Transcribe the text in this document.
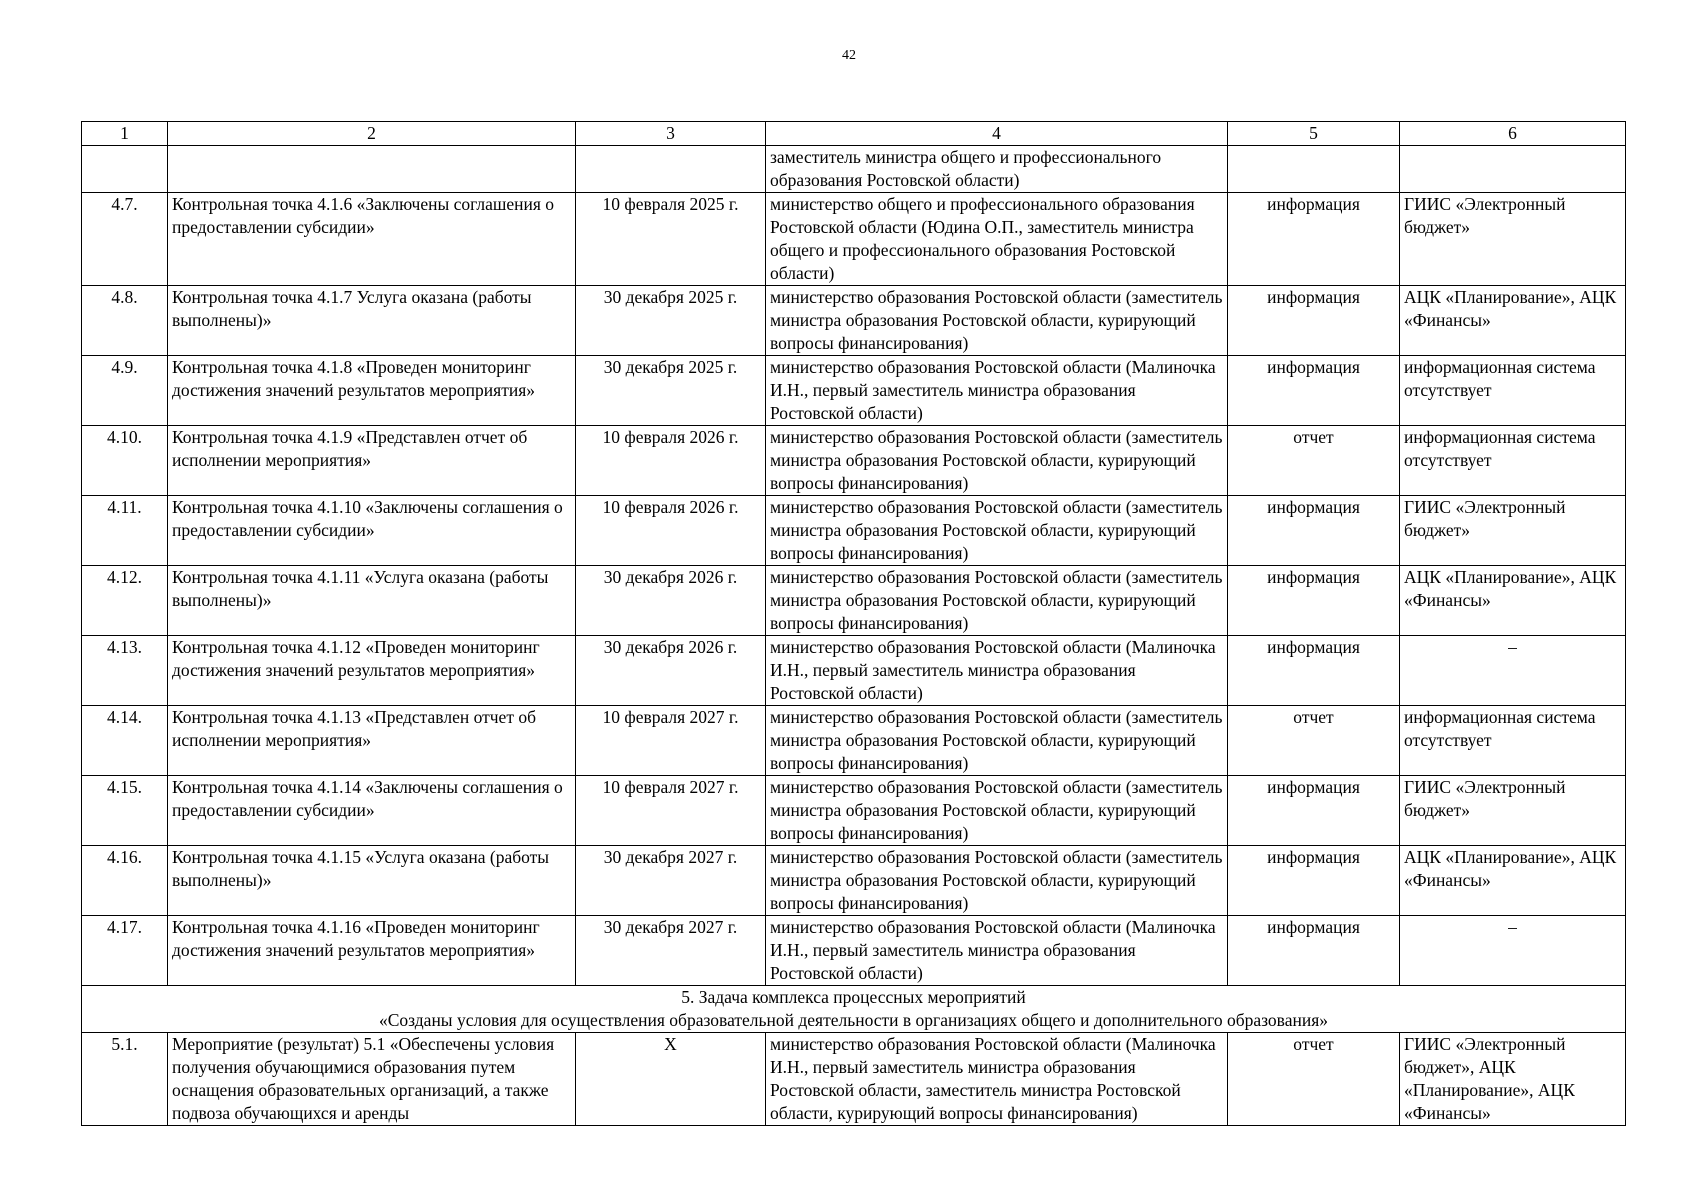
42
1	2	3	4	5	6
			заместитель министра общего и профессионального образования Ростовской области)		
4.7.	Контрольная точка 4.1.6 «Заключены соглашения о предоставлении субсидии»	10 февраля 2025 г.	министерство общего и профессионального образования Ростовской области (Юдина О.П., заместитель министра общего и профессионального образования Ростовской области)	информация	ГИИС «Электронный бюджет»
4.8.	Контрольная точка 4.1.7 Услуга оказана (работы выполнены)»	30 декабря 2025 г.	министерство образования Ростовской области (заместитель министра образования Ростовской области, курирующий вопросы финансирования)	информация	АЦК «Планирование», АЦК «Финансы»
4.9.	Контрольная точка 4.1.8 «Проведен мониторинг достижения значений результатов мероприятия»	30 декабря 2025 г.	министерство образования Ростовской области (Малиночка И.Н., первый заместитель министра образования Ростовской области)	информация	информационная система отсутствует
4.10.	Контрольная точка 4.1.9 «Представлен отчет об исполнении мероприятия»	10 февраля 2026 г.	министерство образования Ростовской области (заместитель министра образования Ростовской области, курирующий вопросы финансирования)	отчет	информационная система отсутствует
4.11.	Контрольная точка 4.1.10 «Заключены соглашения о предоставлении субсидии»	10 февраля 2026 г.	министерство образования Ростовской области (заместитель министра образования Ростовской области, курирующий вопросы финансирования)	информация	ГИИС «Электронный бюджет»
4.12.	Контрольная точка 4.1.11 «Услуга оказана (работы выполнены)»	30 декабря 2026 г.	министерство образования Ростовской области (заместитель министра образования Ростовской области, курирующий вопросы финансирования)	информация	АЦК «Планирование», АЦК «Финансы»
4.13.	Контрольная точка 4.1.12 «Проведен мониторинг достижения значений результатов мероприятия»	30 декабря 2026 г.	министерство образования Ростовской области (Малиночка И.Н., первый заместитель министра образования Ростовской области)	информация	–
4.14.	Контрольная точка 4.1.13 «Представлен отчет об исполнении мероприятия»	10 февраля 2027 г.	министерство образования Ростовской области (заместитель министра образования Ростовской области, курирующий вопросы финансирования)	отчет	информационная система отсутствует
4.15.	Контрольная точка 4.1.14 «Заключены соглашения о предоставлении субсидии»	10 февраля 2027 г.	министерство образования Ростовской области (заместитель министра образования Ростовской области, курирующий вопросы финансирования)	информация	ГИИС «Электронный бюджет»
4.16.	Контрольная точка 4.1.15 «Услуга оказана (работы выполнены)»	30 декабря 2027 г.	министерство образования Ростовской области (заместитель министра образования Ростовской области, курирующий вопросы финансирования)	информация	АЦК «Планирование», АЦК «Финансы»
4.17.	Контрольная точка 4.1.16 «Проведен мониторинг достижения значений результатов мероприятия»	30 декабря 2027 г.	министерство образования Ростовской области (Малиночка И.Н., первый заместитель министра образования Ростовской области)	информация	–

5. Задача комплекса процессных мероприятий
«Созданы условия для осуществления образовательной деятельности в организациях общего и дополнительного образования»					

5.1.	Мероприятие (результат) 5.1 «Обеспечены условия получения обучающимися образования путем оснащения образовательных организаций, а также подвоза обучающихся и аренды	Х	министерство образования Ростовской области (Малиночка И.Н., первый заместитель министра образования Ростовской области, заместитель министра Ростовской области, курирующий вопросы финансирования)	отчет	ГИИС «Электронный бюджет», АЦК «Планирование», АЦК «Финансы»
